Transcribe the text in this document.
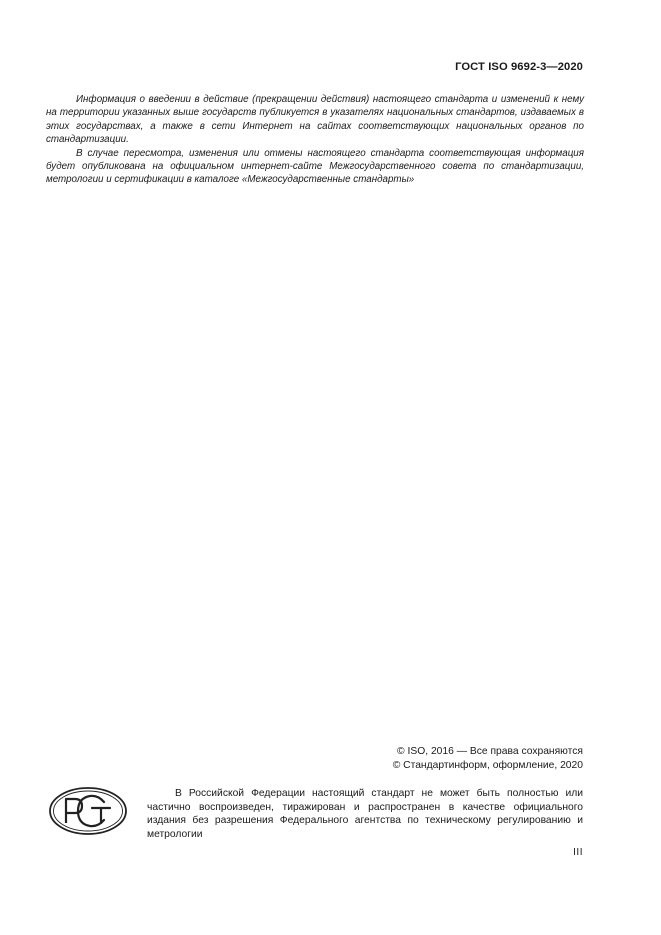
ГОСТ ISO 9692-3—2020

Информация о введении в действие (прекращении действия) настоящего стандарта и изменений к нему на территории указанных выше государств публикуется в указателях национальных стандартов, издаваемых в этих государствах, а также в сети Интернет на сайтах соответствующих национальных органов по стандартизации.

В случае пересмотра, изменения или отмены настоящего стандарта соответствующая информация будет опубликована на официальном интернет-сайте Межгосударственного совета по стандартизации, метрологии и сертификации в каталоге «Межгосударственные стандарты»

© ISO, 2016 — Все права сохраняются
© Стандартинформ, оформление, 2020

В Российской Федерации настоящий стандарт не может быть полностью или частично воспроизведен, тиражирован и распространен в качестве официального издания без разрешения Федерального агентства по техническому регулированию и метрологии

III
